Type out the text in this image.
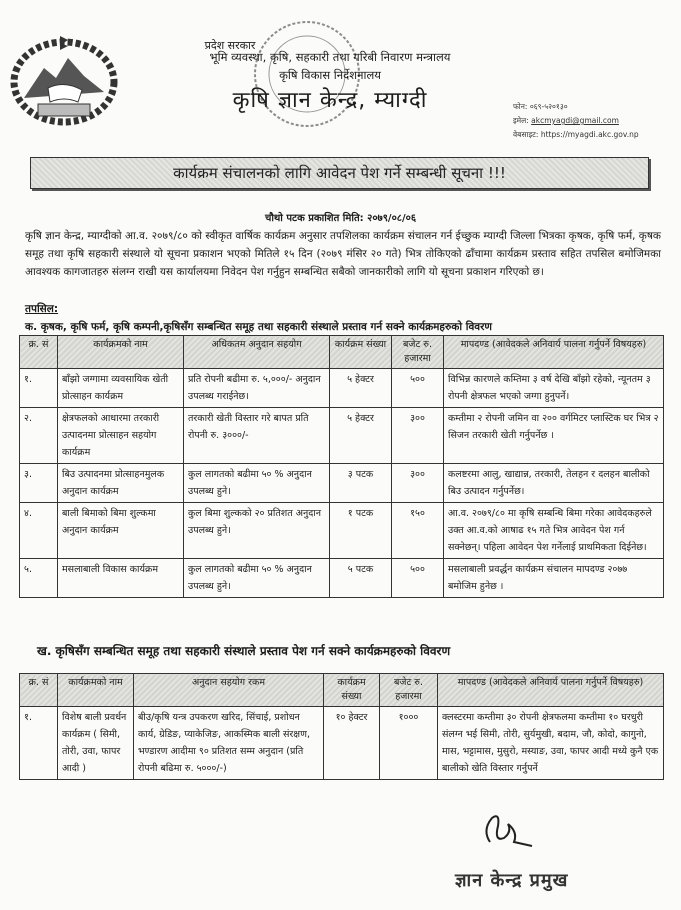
प्रदेश सरकार
भूमि व्यवस्था, कृषि, सहकारी तथा गरिबी निवारण मन्त्रालय
कृषि विकास निर्देशनालय
कृषि ज्ञान केन्द्र, म्याग्दी	फोन: ०६९-५२०१३०
इमेल: akcmyagdi@gmail.com
वेबसाइट: https://myagdi.akc.gov.np
कार्यक्रम संचालनको लागि आवेदन पेश गर्ने सम्बन्धी सूचना !!!
चौथो पटक प्रकाशित मिति: २०७९/०८/०६
कृषि ज्ञान केन्द्र, म्याग्दीको आ.व. २०७९/८० को स्वीकृत वार्षिक कार्यक्रम अनुसार तपशिलका कार्यक्रम संचालन गर्न ईच्छुक म्याग्दी जिल्ला भित्रका कृषक, कृषि फर्म, कृषक समूह तथा कृषि सहकारी संस्थाले यो सूचना प्रकाशन भएको मितिले १५ दिन (२०७९ मंसिर २० गते) भित्र तोकिएको ढाँचामा कार्यक्रम प्रस्ताव सहित तपसिल बमोजिमका आवश्यक कागजातहरु संलग्न राखी यस कार्यालयमा निवेदन पेश गर्नुहुन सम्बन्धित सबैको जानकारीको लागि यो सूचना प्रकाशन गरिएको छ।
तपसिल:
क. कृषक, कृषि फर्म, कृषि कम्पनी,कृषिसँग सम्बन्धित समूह तथा सहकारी संस्थाले प्रस्ताव गर्न सक्ने कार्यक्रमहरुको विवरण
क्र. सं	कार्यक्रमको नाम	अधिकतम अनुदान सहयोग	कार्यक्रम संख्या	बजेट रु. हजारमा	मापदण्ड (आवेदकले अनिवार्य पालना गर्नुपर्ने विषयहरु)
१.	बाँझो जग्गामा व्यवसायिक खेती प्रोत्साहन कार्यक्रम	प्रति रोपनी बढीमा रु. ५,०००/- अनुदान उपलब्ध गराईनेछ।	५ हेक्टर	५००	विभिन्न कारणले कम्तिमा ३ वर्ष देखि बाँझो रहेको, न्यूनतम ३ रोपनी क्षेत्रफल भएको जग्गा हुनुपर्ने।
२.	क्षेत्रफलको आधारमा तरकारी उत्पादनमा प्रोत्साहन सहयोग कार्यक्रम	तरकारी खेती विस्तार गरे बापत प्रति रोपनी रु. ३०००/-	५ हेक्टर	३००	कम्तीमा २ रोपनी जमिन वा २०० वर्गमिटर प्लास्टिक घर भित्र २ सिजन तरकारी खेती गर्नुपर्नेछ ।
३.	बिउ उत्पादनमा प्रोत्साहनमुलक अनुदान कार्यक्रम	कुल लागतको बढीमा ५० % अनुदान उपलब्ध हुने।	३ पटक	३००	कलष्टरमा आलु, खाद्यान्न, तरकारी, तेलहन र दलहन बालीको बिउ उत्पादन गर्नुपर्नेछ।
४.	बाली बिमाको बिमा शुल्कमा अनुदान कार्यक्रम	कुल बिमा शुल्कको २० प्रतिशत अनुदान उपलब्ध हुने।	१ पटक	१५०	आ.व. २०७९/८० मा कृषि सम्बन्धि बिमा गरेका आवेदकहरुले उक्त आ.व.को आषाढ १५ गते भित्र आवेदन पेश गर्न सक्नेछन्। पहिला आवेदन पेश गर्नेलाई प्राथमिकता दिईनेछ।
५.	मसलाबाली विकास कार्यक्रम	कुल लागतको बढीमा ५० % अनुदान उपलब्ध हुने।	५ पटक	५००	मसलाबाली प्रवर्द्धन कार्यक्रम संचालन मापदण्ड २०७७ बमोजिम हुनेछ ।
ख. कृषिसँग सम्बन्धित समूह तथा सहकारी संस्थाले प्रस्ताव पेश गर्न सक्ने कार्यक्रमहरुको विवरण
क्र. सं	कार्यक्रमको नाम	अनुदान सहयोग रकम	कार्यक्रम संख्या	बजेट रु. हजारमा	मापदण्ड (आवेदकले अनिवार्य पालना गर्नुपर्ने विषयहरु)
१.	विशेष बाली प्रवर्धन कार्यक्रम ( सिमी, तोरी, उवा, फापर आदी )	बीउ/कृषि यन्त्र उपकरण खरिद, सिंचाई, प्रशोधन कार्य, ग्रेडिङ, प्याकेजिङ, आकस्मिक बाली संरक्षण, भण्डारण आदीमा ९० प्रतिशत सम्म अनुदान (प्रति रोपनी बढिमा रु. ५०००/-)	१० हेक्टर	१०००	क्लस्टरमा कम्तीमा ३० रोपनी क्षेत्रफलमा कम्तीमा १० घरधुरी संलग्न भई सिमी, तोरी, सुर्यमुखी, बदाम, जौ, कोदो, कागुनो, मास, भट्टामास, मुसुरो, मस्याङ, उवा, फापर आदी मध्ये कुनै एक बालीको खेति विस्तार गर्नुपर्ने
ज्ञान केन्द्र प्रमुख
